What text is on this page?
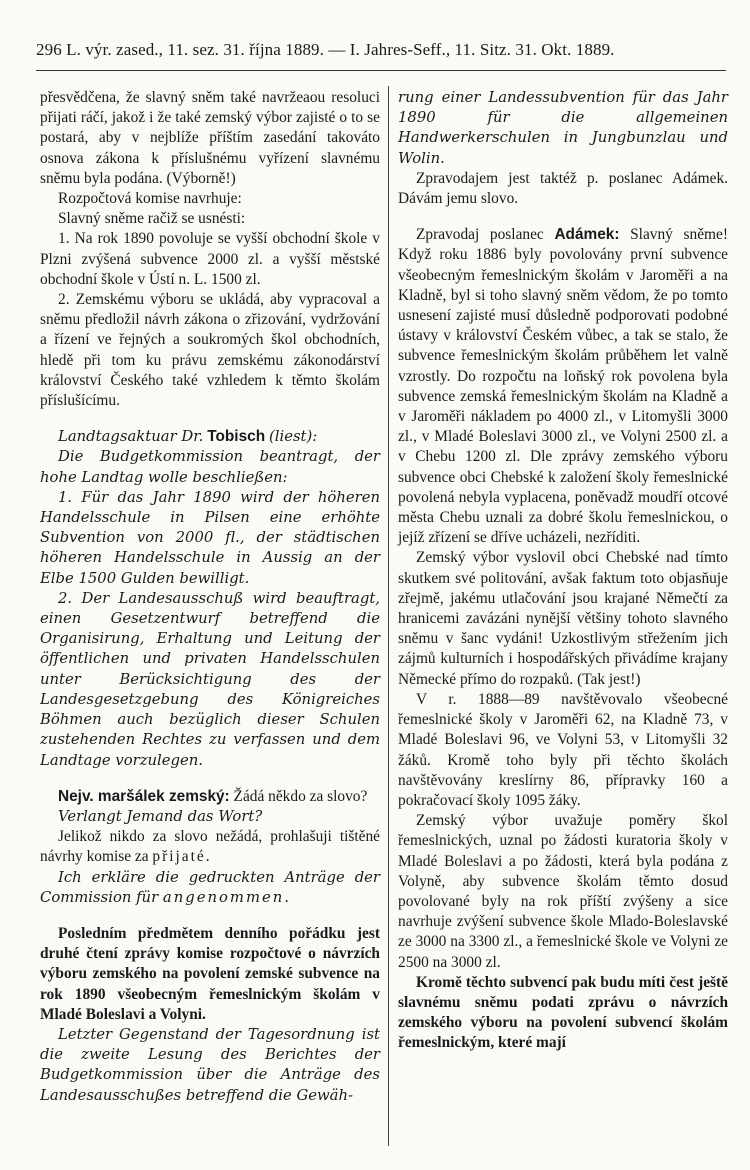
296 L. výr. zased., 11. sez. 31. října 1889. — I. Jahres-Seff., 11. Sitz. 31. Okt. 1889.

přesvědčena, že slavný sněm také navržeaou resoluci přijati ráčí, jakož i že také zemský výbor zajisté o to se postará, aby v nejblíže příštím zasedání takováto osnova zákona k příslušnému vyřízení slavnému sněmu byla podána. (Výborně!)

Rozpočtová komise navrhuje:

Slavný sněme račiž se usnésti:

1. Na rok 1890 povoluje se vyšší obchodní škole v Plzni zvýšená subvence 2000 zl. a vyšší městské obchodní škole v Ústí n. L. 1500 zl.

2. Zemskému výboru se ukládá, aby vypracoval a sněmu předložil návrh zákona o zřizování, vydržování a řízení ve řejných a soukromých škol obchodních, hledě při tom ku právu zemskému zákonodárství království Českého také vzhledem k těmto školám příslušícímu.

Landtagsaktuar Dr. Tobisch (liest):

Die Budgetkommission beantragt, der hohe Landtag wolle beschließen:

1. Für das Jahr 1890 wird der höheren Handelsschule in Pilsen eine erhöhte Subvention von 2000 fl., der städtischen höheren Handelsschule in Aussig an der Elbe 1500 Gulden bewilligt.

2. Der Landesausschuß wird beauftragt, einen Gesetzentwurf betreffend die Organisirung, Erhaltung und Leitung der öffentlichen und privaten Handelsschulen unter Berücksichtigung des der Landesgesetzgebung des Königreiches Böhmen auch bezüglich dieser Schulen zustehenden Rechtes zu verfassen und dem Landtage vorzulegen.

Nejv. maršálek zemský: Žádá někdo za slovo?

Verlangt Jemand das Wort?

Jelikož nikdo za slovo nežádá, prohlašuji tištěné návrhy komise za přijaté.

Ich erkläre die gedruckten Anträge der Commission für angenommen.

Posledním předmětem denního pořádku jest druhé čtení zprávy komise rozpočtové o návrzích výboru zemského na povolení zemské subvence na rok 1890 všeobecným řemeslnickým školám v Mladé Boleslavi a Volyni.

Letzter Gegenstand der Tagesordnung ist die zweite Lesung des Berichtes der Budgetkommission über die Anträge des Landesausschußes betreffend die Gewäh-

rung einer Landessubvention für das Jahr 1890 für die allgemeinen Handwerkerschulen in Jungbunzlau und Wolin.

Zpravodajem jest taktéž p. poslanec Adámek. Dávám jemu slovo.

Zpravodaj poslanec Adámek: Slavný sněme! Když roku 1886 byly povolovány první subvence všeobecným řemeslnickým školám v Jaroměři a na Kladně, byl si toho slavný sněm vědom, že po tomto usnesení zajisté musí důsledně podporovati podobné ústavy v království Českém vůbec, a tak se stalo, že subvence řemeslnickým školám průběhem let valně vzrostly. Do rozpočtu na loňský rok povolena byla subvence zemská řemeslnickým školám na Kladně a v Jaroměři nákladem po 4000 zl., v Litomyšli 3000 zl., v Mladé Boleslavi 3000 zl., ve Volyni 2500 zl. a v Chebu 1200 zl. Dle zprávy zemského výboru subvence obci Chebské k založení školy řemeslnické povolená nebyla vyplacena, poněvadž moudří otcové města Chebu uznali za dobré školu řemeslnickou, o jejíž zřízení se dříve ucházeli, nezříditi.

Zemský výbor vyslovil obci Chebské nad tímto skutkem své politování, avšak faktum toto objasňuje zřejmě, jakému utlačování jsou krajané Němečtí za hranicemi zavázáni nynější většiny tohoto slavného sněmu v šanc vydáni! Uzkostlivým střežením jich zájmů kulturních i hospodářských přivádíme krajany Německé přímo do rozpaků. (Tak jest!)

V r. 1888—89 navštěvovalo všeobecné řemeslnické školy v Jaroměři 62, na Kladně 73, v Mladé Boleslavi 96, ve Volyni 53, v Litomyšli 32 žáků. Kromě toho byly při těchto školách navštěvovány kreslírny 86, přípravky 160 a pokračovací školy 1095 žáky.

Zemský výbor uvažuje poměry škol řemeslnických, uznal po žádosti kuratoria školy v Mladé Boleslavi a po žádosti, která byla podána z Volyně, aby subvence školám těmto dosud povolované byly na rok příští zvýšeny a sice navrhuje zvýšení subvence škole Mlado-Boleslavské ze 3000 na 3300 zl., a řemeslnické škole ve Volyni ze 2500 na 3000 zl.

Kromě těchto subvencí pak budu míti čest ještě slavnému sněmu podati zprávu o návrzích zemského výboru na povolení subvencí školám řemeslnickým, které mají
